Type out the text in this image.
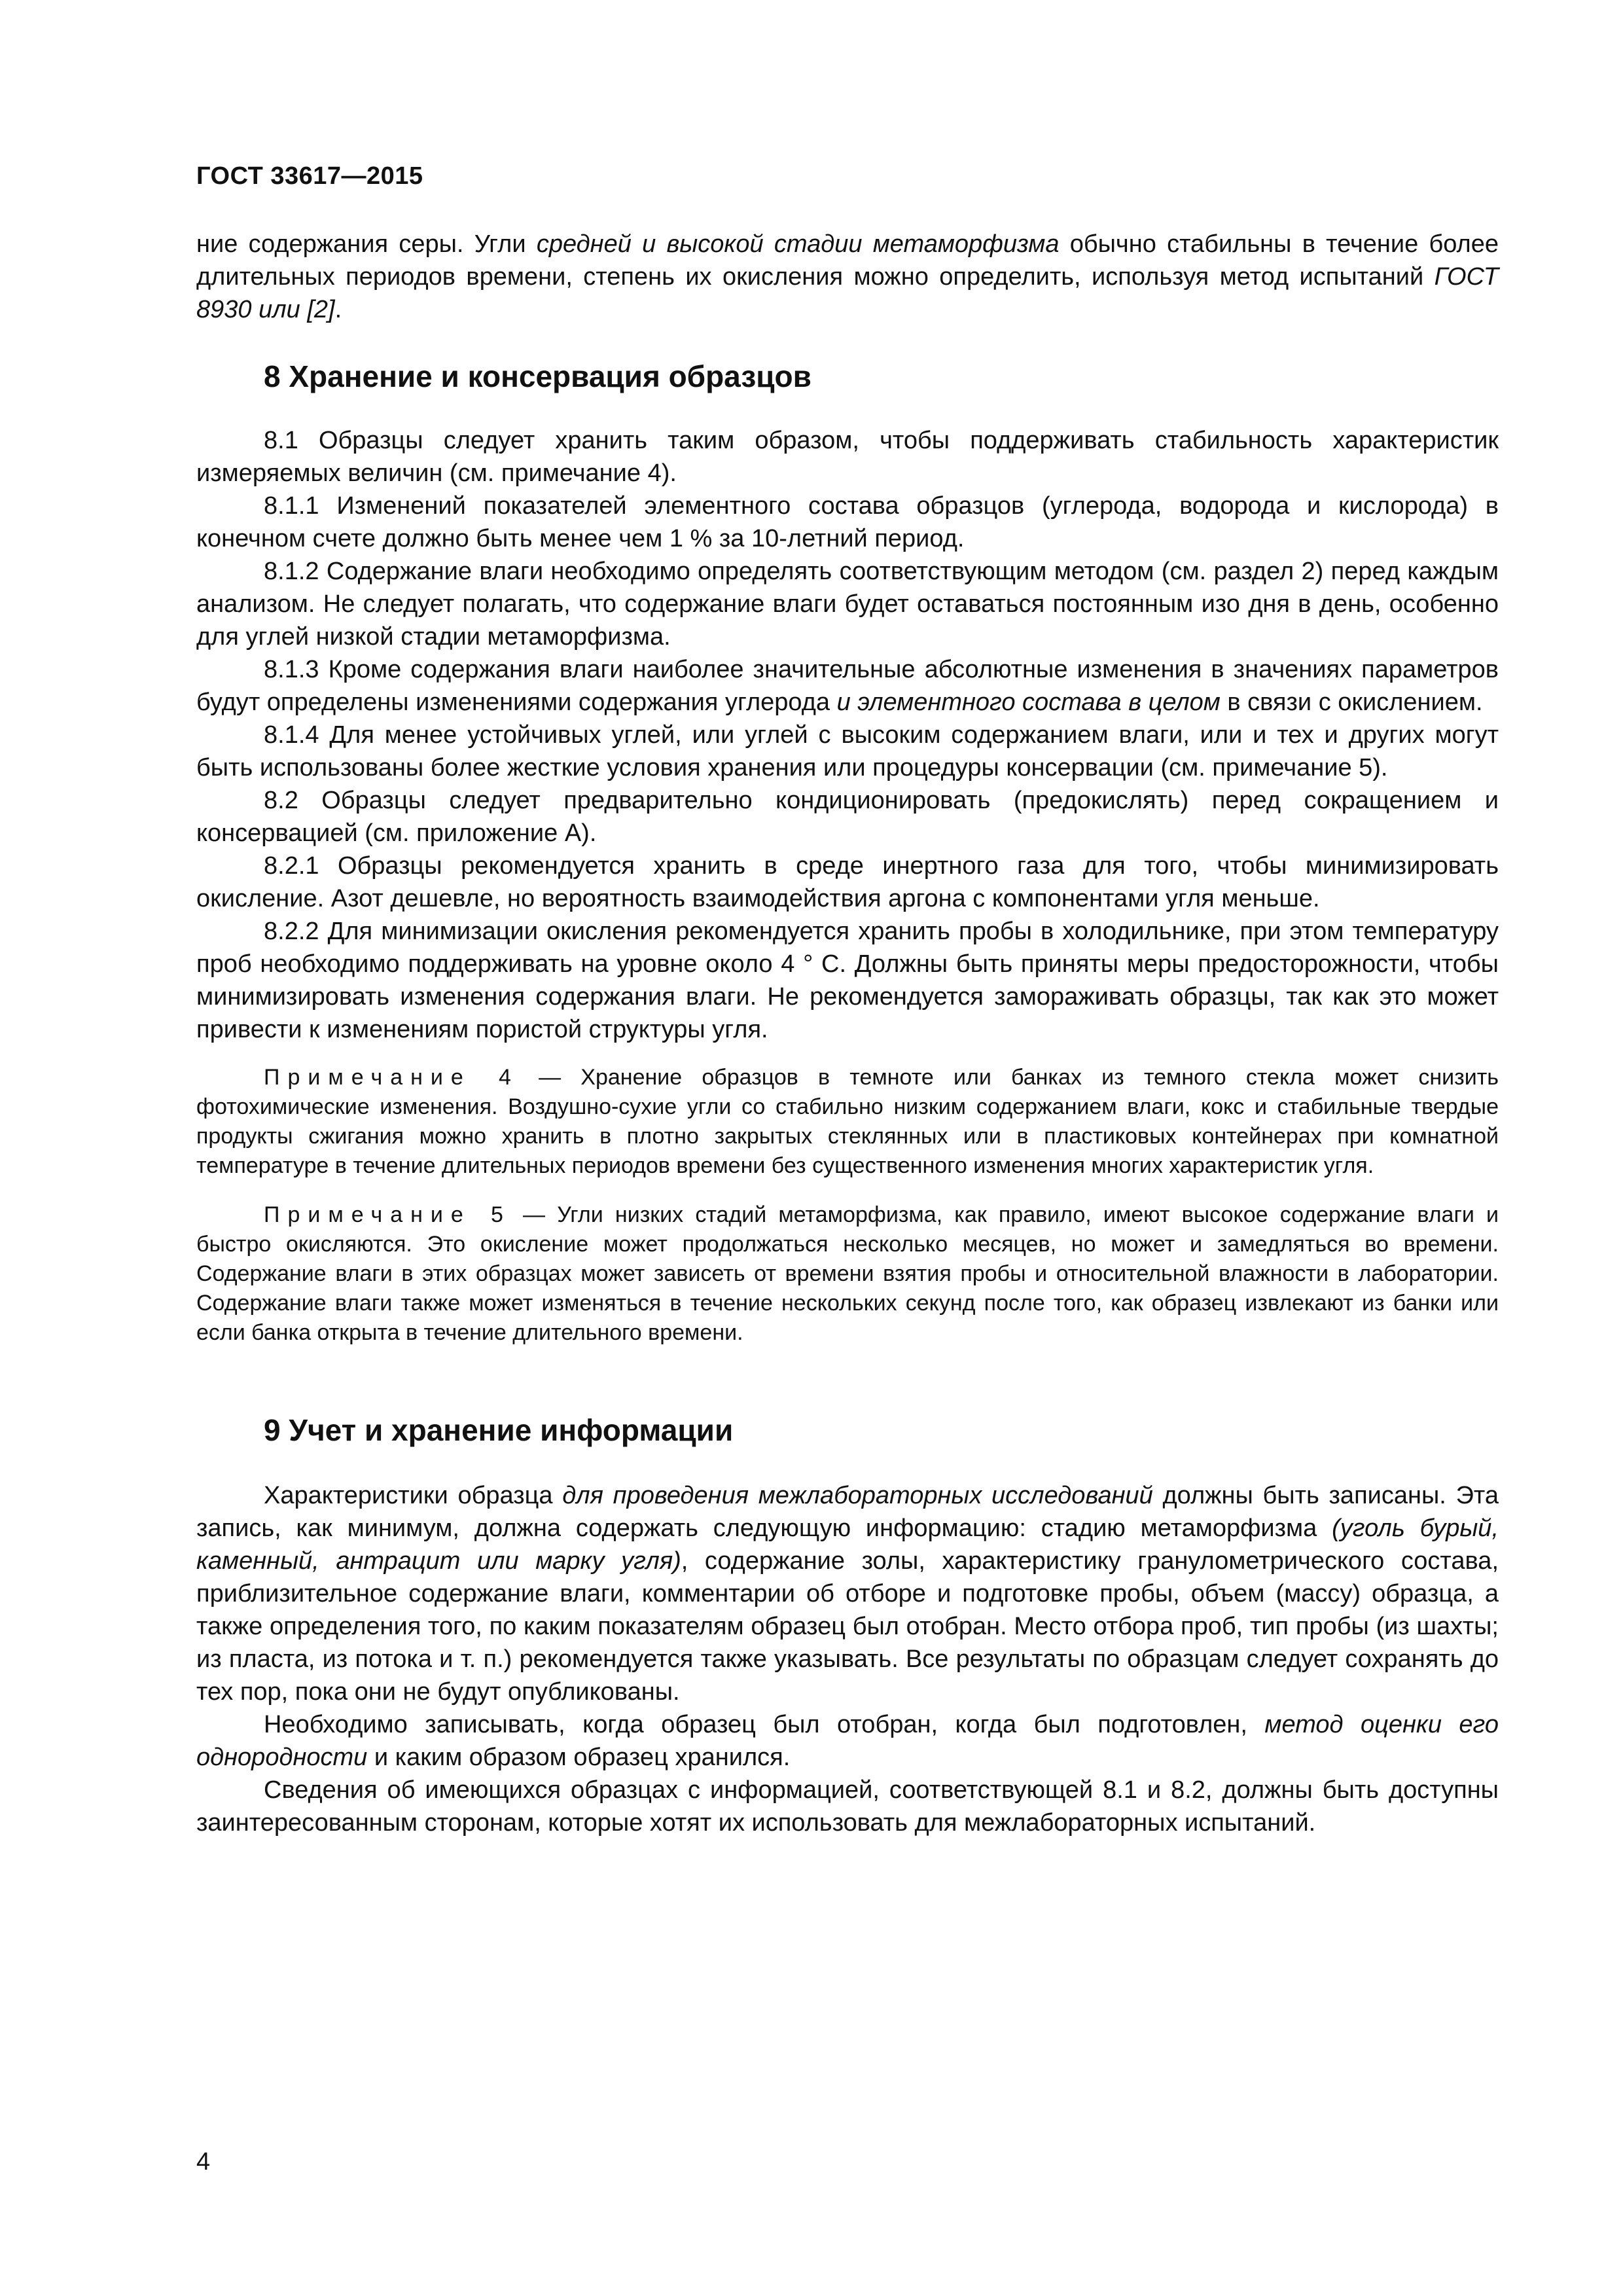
ГОСТ 33617—2015

ние содержания серы. Угли средней и высокой стадии метаморфизма обычно стабильны в течение более длительных периодов времени, степень их окисления можно определить, используя метод испытаний ГОСТ 8930 или [2].

8 Хранение и консервация образцов

8.1 Образцы следует хранить таким образом, чтобы поддерживать стабильность характеристик измеряемых величин (см. примечание 4).

8.1.1 Изменений показателей элементного состава образцов (углерода, водорода и кислорода) в конечном счете должно быть менее чем 1 % за 10-летний период.

8.1.2 Содержание влаги необходимо определять соответствующим методом (см. раздел 2) перед каждым анализом. Не следует полагать, что содержание влаги будет оставаться постоянным изо дня в день, особенно для углей низкой стадии метаморфизма.

8.1.3 Кроме содержания влаги наиболее значительные абсолютные изменения в значениях параметров будут определены изменениями содержания углерода и элементного состава в целом в связи с окислением.

8.1.4 Для менее устойчивых углей, или углей с высоким содержанием влаги, или и тех и других могут быть использованы более жесткие условия хранения или процедуры консервации (см. примечание 5).

8.2 Образцы следует предварительно кондиционировать (предокислять) перед сокращением и консервацией (см. приложение А).

8.2.1 Образцы рекомендуется хранить в среде инертного газа для того, чтобы минимизировать окисление. Азот дешевле, но вероятность взаимодействия аргона с компонентами угля меньше.

8.2.2 Для минимизации окисления рекомендуется хранить пробы в холодильнике, при этом температуру проб необходимо поддерживать на уровне около 4 ° С. Должны быть приняты меры предосторожности, чтобы минимизировать изменения содержания влаги. Не рекомендуется замораживать образцы, так как это может привести к изменениям пористой структуры угля.

Примечание 4 — Хранение образцов в темноте или банках из темного стекла может снизить фотохимические изменения. Воздушно-сухие угли со стабильно низким содержанием влаги, кокс и стабильные твердые продукты сжигания можно хранить в плотно закрытых стеклянных или в пластиковых контейнерах при комнатной температуре в течение длительных периодов времени без существенного изменения многих характеристик угля.

Примечание 5 — Угли низких стадий метаморфизма, как правило, имеют высокое содержание влаги и быстро окисляются. Это окисление может продолжаться несколько месяцев, но может и замедляться во времени. Содержание влаги в этих образцах может зависеть от времени взятия пробы и относительной влажности в лаборатории. Содержание влаги также может изменяться в течение нескольких секунд после того, как образец извлекают из банки или если банка открыта в течение длительного времени.

9 Учет и хранение информации

Характеристики образца для проведения межлабораторных исследований должны быть записаны. Эта запись, как минимум, должна содержать следующую информацию: стадию метаморфизма (уголь бурый, каменный, антрацит или марку угля), содержание золы, характеристику гранулометрического состава, приблизительное содержание влаги, комментарии об отборе и подготовке пробы, объем (массу) образца, а также определения того, по каким показателям образец был отобран. Место отбора проб, тип пробы (из шахты; из пласта, из потока и т. п.) рекомендуется также указывать. Все результаты по образцам следует сохранять до тех пор, пока они не будут опубликованы.

Необходимо записывать, когда образец был отобран, когда был подготовлен, метод оценки его однородности и каким образом образец хранился.

Сведения об имеющихся образцах с информацией, соответствующей 8.1 и 8.2, должны быть доступны заинтересованным сторонам, которые хотят их использовать для межлабораторных испытаний.

4
